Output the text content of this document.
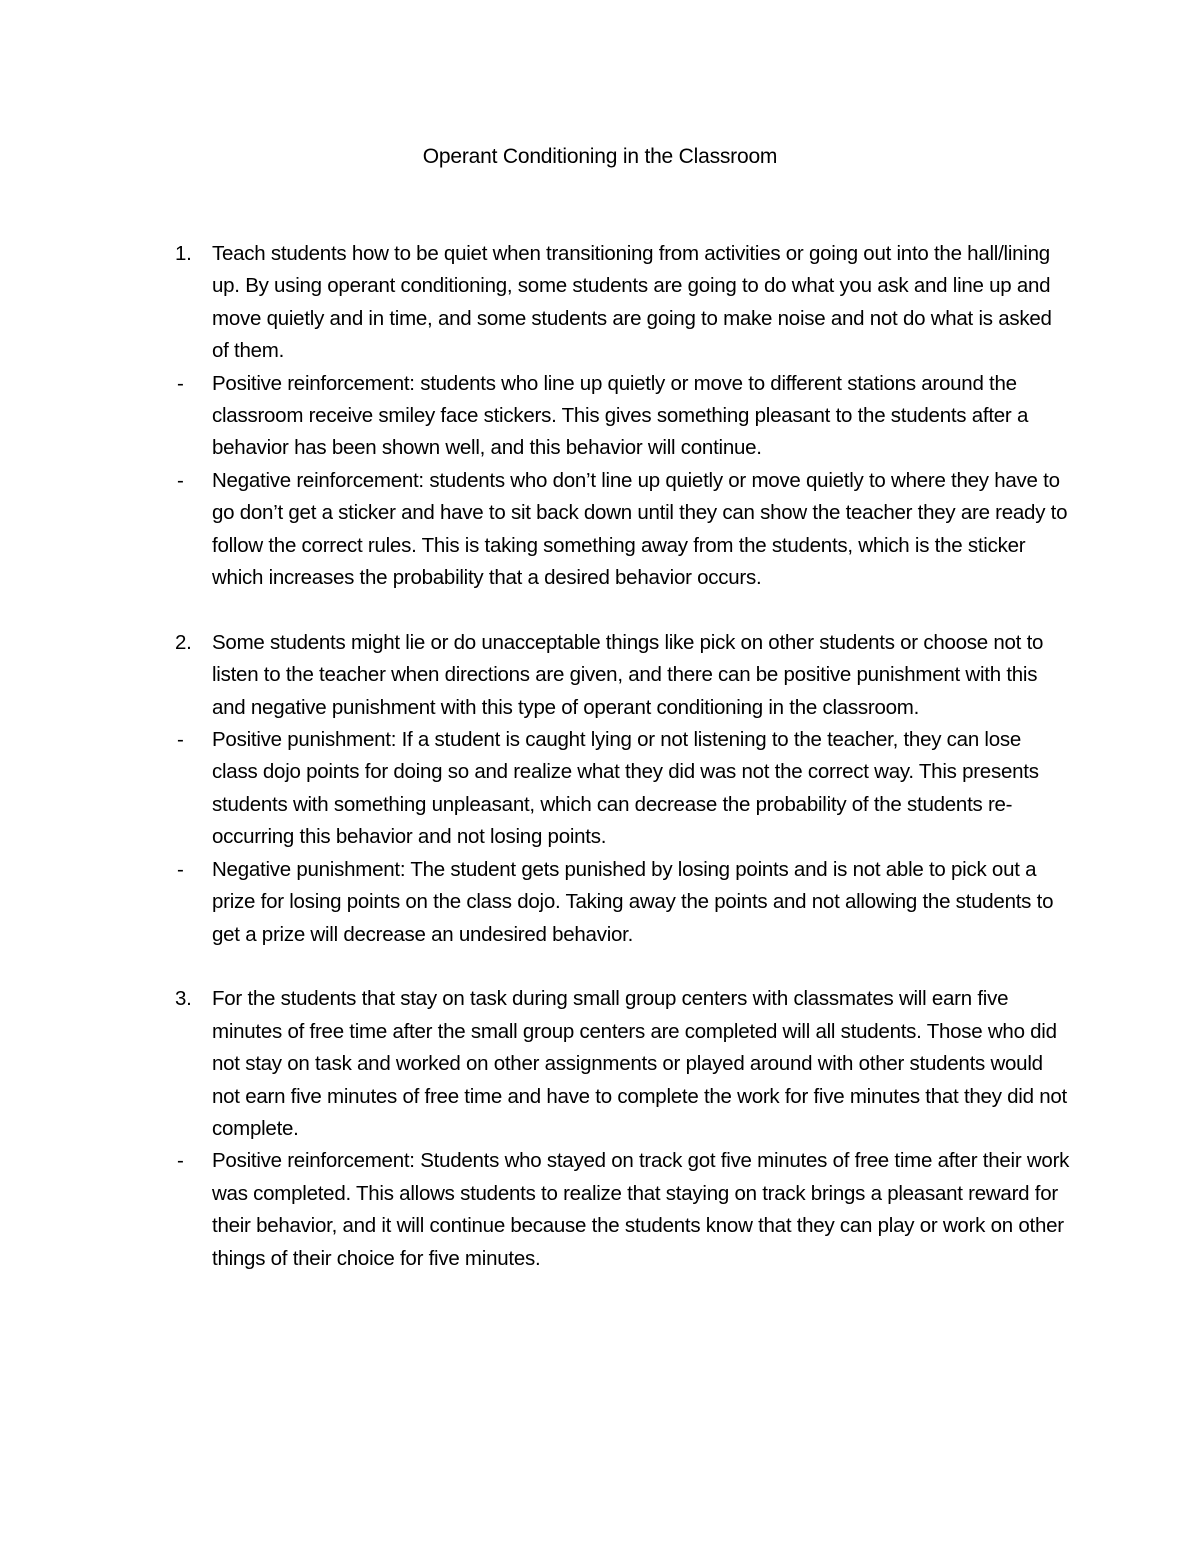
Operant Conditioning in the Classroom
1. Teach students how to be quiet when transitioning from activities or going out into the hall/lining up. By using operant conditioning, some students are going to do what you ask and line up and move quietly and in time, and some students are going to make noise and not do what is asked of them.
-	Positive reinforcement: students who line up quietly or move to different stations around the classroom receive smiley face stickers. This gives something pleasant to the students after a behavior has been shown well, and this behavior will continue.
-	Negative reinforcement: students who don’t line up quietly or move quietly to where they have to go don’t get a sticker and have to sit back down until they can show the teacher they are ready to follow the correct rules. This is taking something away from the students, which is the sticker which increases the probability that a desired behavior occurs.
2. Some students might lie or do unacceptable things like pick on other students or choose not to listen to the teacher when directions are given, and there can be positive punishment with this and negative punishment with this type of operant conditioning in the classroom.
-	Positive punishment: If a student is caught lying or not listening to the teacher, they can lose class dojo points for doing so and realize what they did was not the correct way. This presents students with something unpleasant, which can decrease the probability of the students re-occurring this behavior and not losing points.
-	Negative punishment: The student gets punished by losing points and is not able to pick out a prize for losing points on the class dojo. Taking away the points and not allowing the students to get a prize will decrease an undesired behavior.
3. For the students that stay on task during small group centers with classmates will earn five minutes of free time after the small group centers are completed will all students. Those who did not stay on task and worked on other assignments or played around with other students would not earn five minutes of free time and have to complete the work for five minutes that they did not complete.
-	Positive reinforcement: Students who stayed on track got five minutes of free time after their work was completed. This allows students to realize that staying on track brings a pleasant reward for their behavior, and it will continue because the students know that they can play or work on other things of their choice for five minutes.
